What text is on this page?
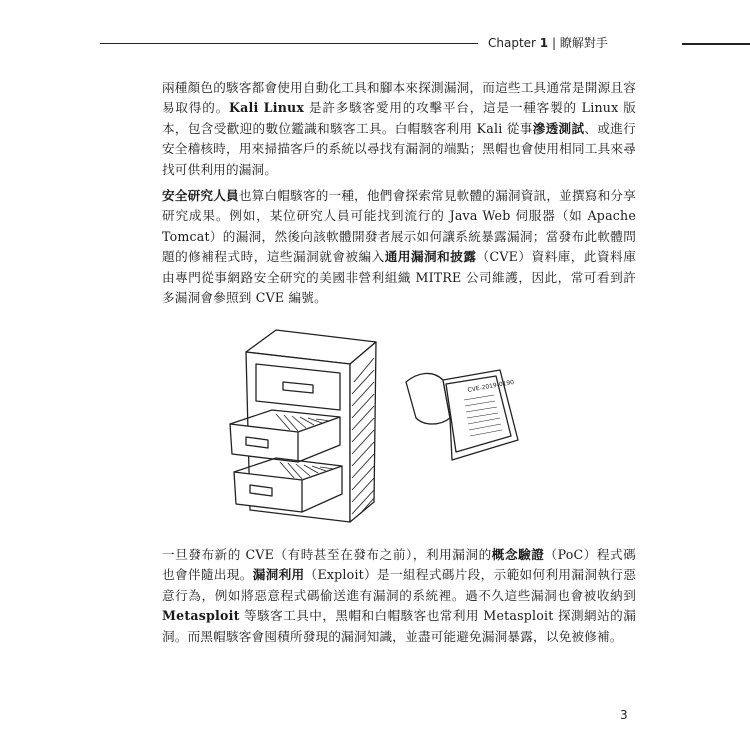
Chapter 1 | 瞭解對手

兩種顏色的駭客都會使用自動化工具和腳本來探測漏洞，而這些工具通常是開源且容易取得的。Kali Linux 是許多駭客愛用的攻擊平台，這是一種客製的 Linux 版本，包含受歡迎的數位鑑識和駭客工具。白帽駭客利用 Kali 從事滲透測試、或進行安全稽核時，用來掃描客戶的系統以尋找有漏洞的端點；黑帽也會使用相同工具來尋找可供利用的漏洞。

安全研究人員也算白帽駭客的一種，他們會探索常見軟體的漏洞資訊，並撰寫和分享研究成果。例如，某位研究人員可能找到流行的 Java Web 伺服器（如 Apache Tomcat）的漏洞，然後向該軟體開發者展示如何讓系統暴露漏洞；當發布此軟體問題的修補程式時，這些漏洞就會被編入通用漏洞和披露（CVE）資料庫，此資料庫由專門從事網路安全研究的美國非營利組織 MITRE 公司維護，因此，常可看到許多漏洞會參照到 CVE 編號。

CVE-2019-0190

一旦發布新的 CVE（有時甚至在發布之前），利用漏洞的概念驗證（PoC）程式碼也會伴隨出現。漏洞利用（Exploit）是一組程式碼片段，示範如何利用漏洞執行惡意行為，例如將惡意程式碼偷送進有漏洞的系統裡。過不久這些漏洞也會被收納到 Metasploit 等駭客工具中，黑帽和白帽駭客也常利用 Metasploit 探測網站的漏洞。而黑帽駭客會囤積所發現的漏洞知識，並盡可能避免漏洞暴露，以免被修補。

3
